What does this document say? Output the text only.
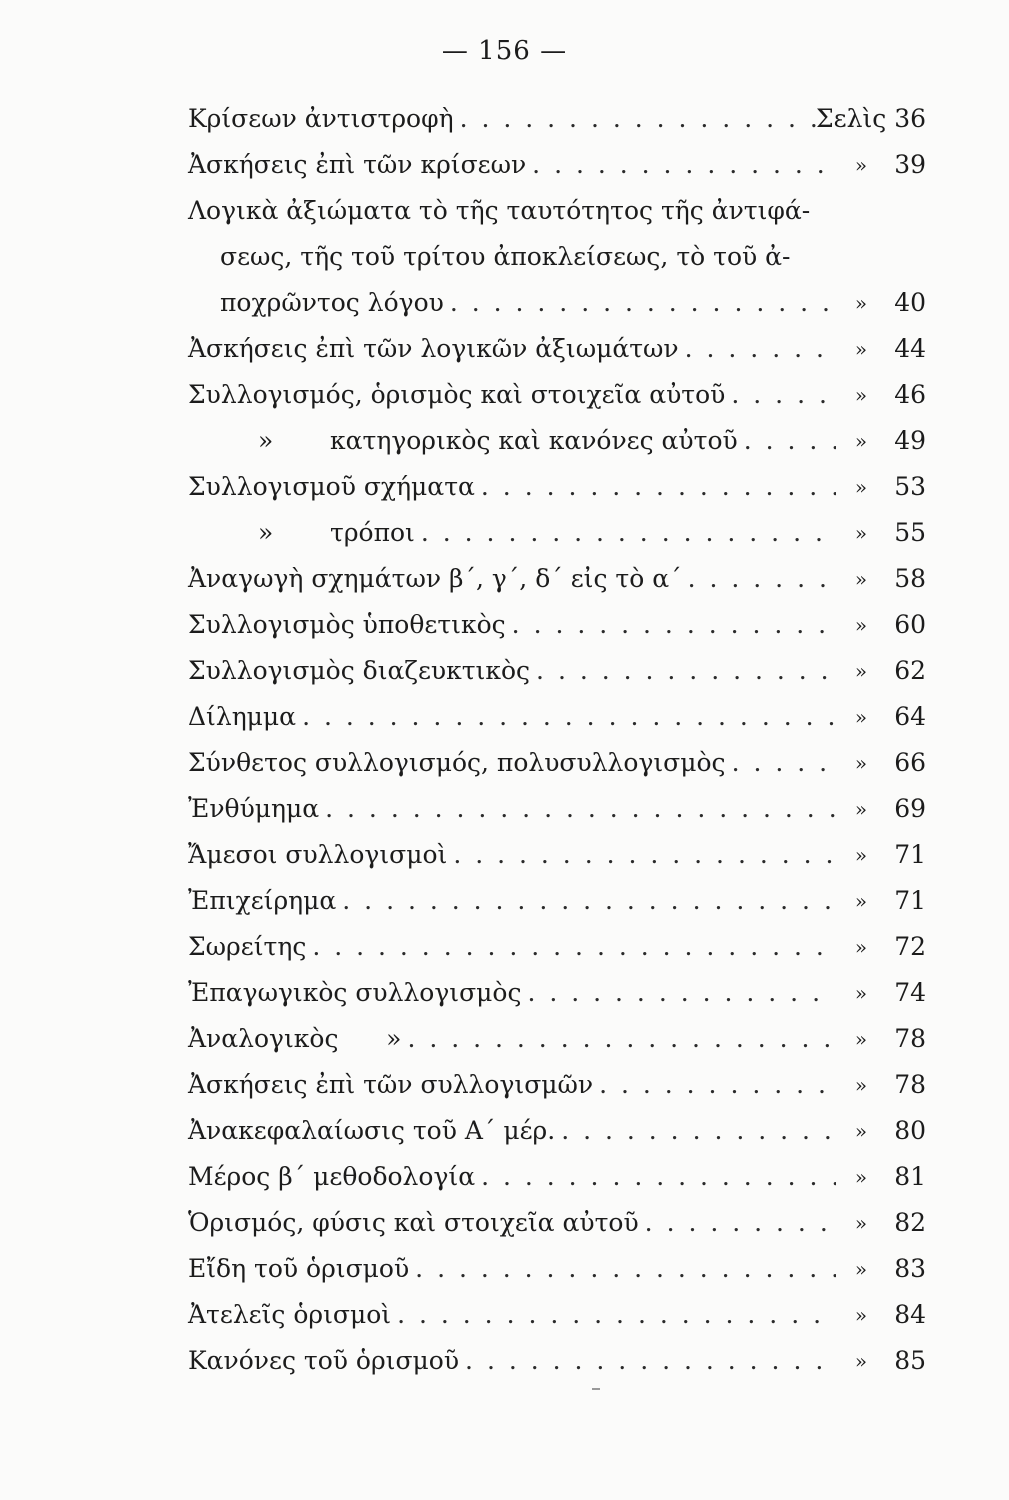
— 156 —
Κρίσεων ἀντιστροφὴ . . .	Σελὶς 36
Ἀσκήσεις ἐπὶ τῶν κρίσεων . . .	»	39
Λογικὰ ἀξιώματα τὸ τῆς ταυτότητος τῆς ἀντιφά-
σεως, τῆς τοῦ τρίτου ἀποκλείσεως, τὸ τοῦ ἀ-
ποχρῶντος λόγου . . .	»	40
Ἀσκήσεις ἐπὶ τῶν λογικῶν ἀξιωμάτων . . .	»	44
Συλλογισμός, ὁρισμὸς καὶ στοιχεῖα αὐτοῦ . . .	»	46
»	κατηγορικὸς καὶ κανόνες αὐτοῦ . . .	»	49
Συλλογισμοῦ σχήματα . . .	»	53
»	τρόποι . . .	»	55
Ἀναγωγὴ σχημάτων β΄, γ΄, δ΄ εἰς τὸ α΄ . . .	»	58
Συλλογισμὸς ὑποθετικὸς . . .	»	60
Συλλογισμὸς διαζευκτικὸς . . .	»	62
Δίλημμα . . .	»	64
Σύνθετος συλλογισμός, πολυσυλλογισμὸς . . .	»	66
Ἐνθύμημα . . .	»	69
Ἄμεσοι συλλογισμοὶ . . .	»	71
Ἐπιχείρημα . . .	»	71
Σωρείτης . . .	»	72
Ἐπαγωγικὸς συλλογισμὸς . . .	»	74
Ἀναλογικὸς      » . . .	»	78
Ἀσκήσεις ἐπὶ τῶν συλλογισμῶν . . .	»	78
Ἀνακεφαλαίωσις τοῦ Α΄ μέρ. . . .	»	80
Μέρος β΄ μεθοδολογία . . .	»	81
Ὁρισμός, φύσις καὶ στοιχεῖα αὐτοῦ . . .	»	82
Εἴδη τοῦ ὁρισμοῦ . . .	»	83
Ἀτελεῖς ὁρισμοὶ . . .	»	84
Κανόνες τοῦ ὁρισμοῦ . . .	»	85
